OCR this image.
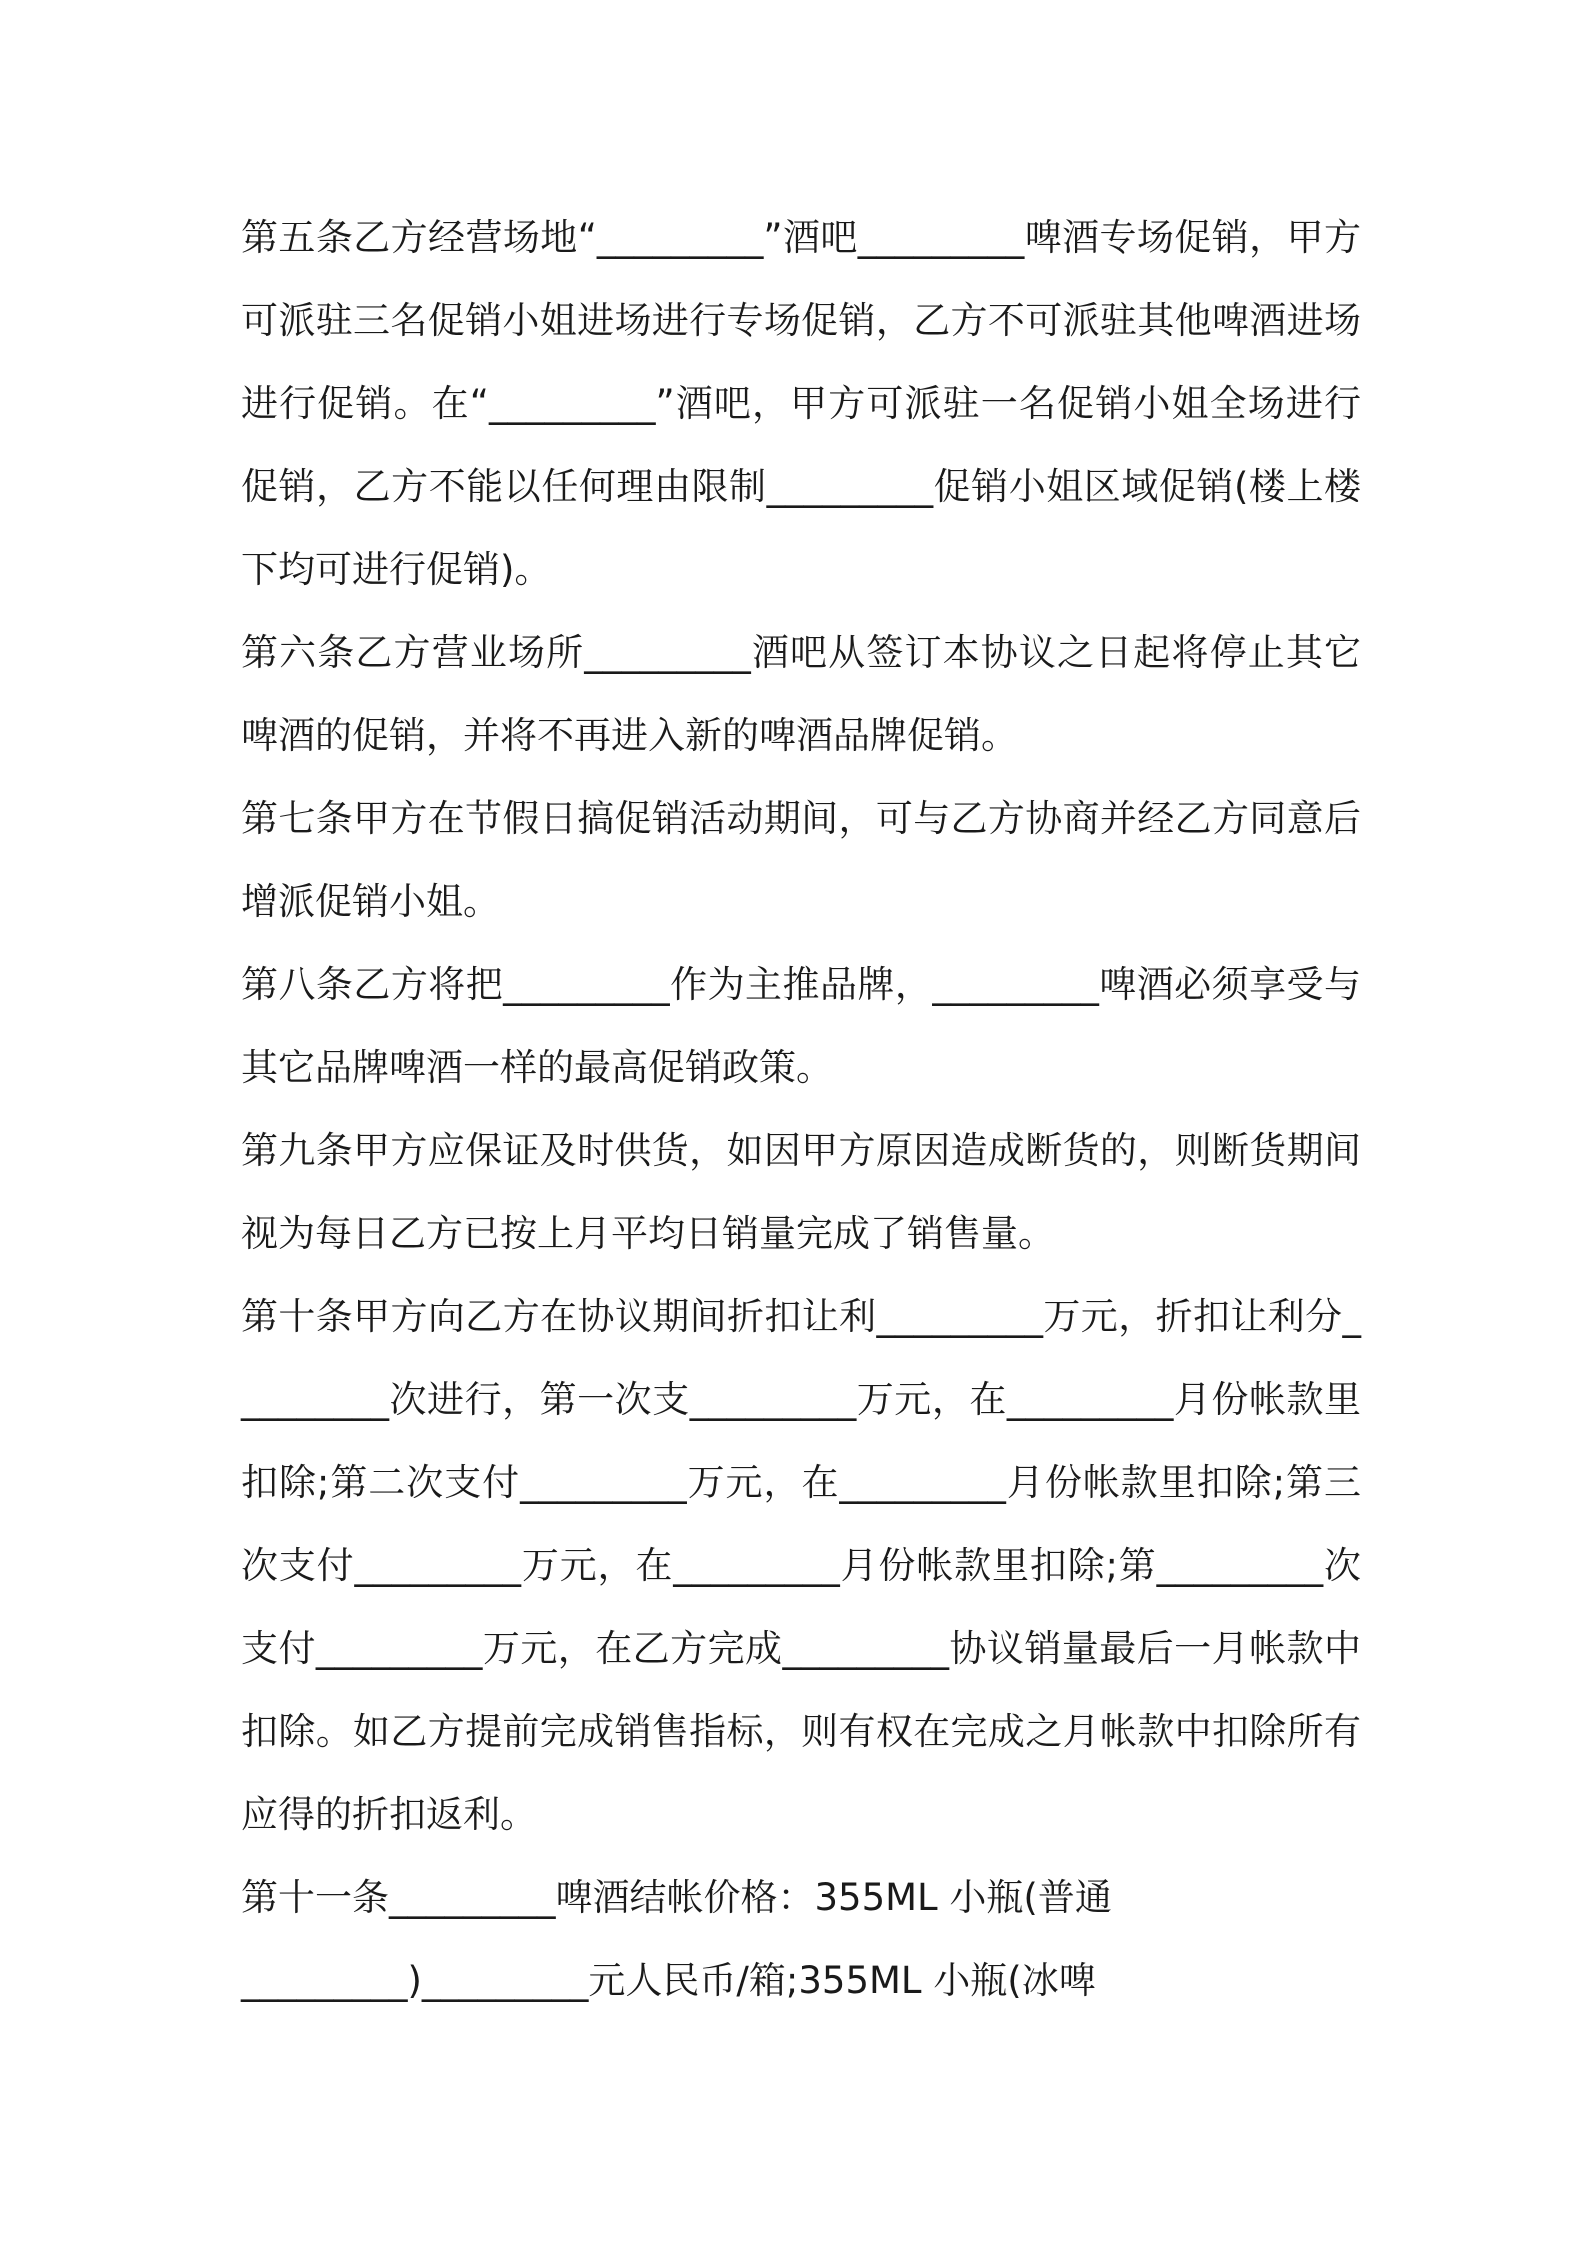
第五条乙方经营场地“_________”酒吧_________啤酒专场促销，甲方可派驻三名促销小姐进场进行专场促销，乙方不可派驻其他啤酒进场进行促销。在“_________”酒吧，甲方可派驻一名促销小姐全场进行促销，乙方不能以任何理由限制_________促销小姐区域促销(楼上楼下均可进行促销)。

第六条乙方营业场所_________酒吧从签订本协议之日起将停止其它啤酒的促销，并将不再进入新的啤酒品牌促销。

第七条甲方在节假日搞促销活动期间，可与乙方协商并经乙方同意后增派促销小姐。

第八条乙方将把_________作为主推品牌，_________啤酒必须享受与其它品牌啤酒一样的最高促销政策。

第九条甲方应保证及时供货，如因甲方原因造成断货的，则断货期间视为每日乙方已按上月平均日销量完成了销售量。

第十条甲方向乙方在协议期间折扣让利_________万元，折扣让利分_________次进行，第一次支_________万元，在_________月份帐款里扣除;第二次支付_________万元，在_________月份帐款里扣除;第三次支付_________万元，在_________月份帐款里扣除;第_________次支付_________万元，在乙方完成_________协议销量最后一月帐款中扣除。如乙方提前完成销售指标，则有权在完成之月帐款中扣除所有应得的折扣返利。

第十一条_________啤酒结帐价格：355ML 小瓶(普通

_________)_________元人民币/箱;355ML 小瓶(冰啤
